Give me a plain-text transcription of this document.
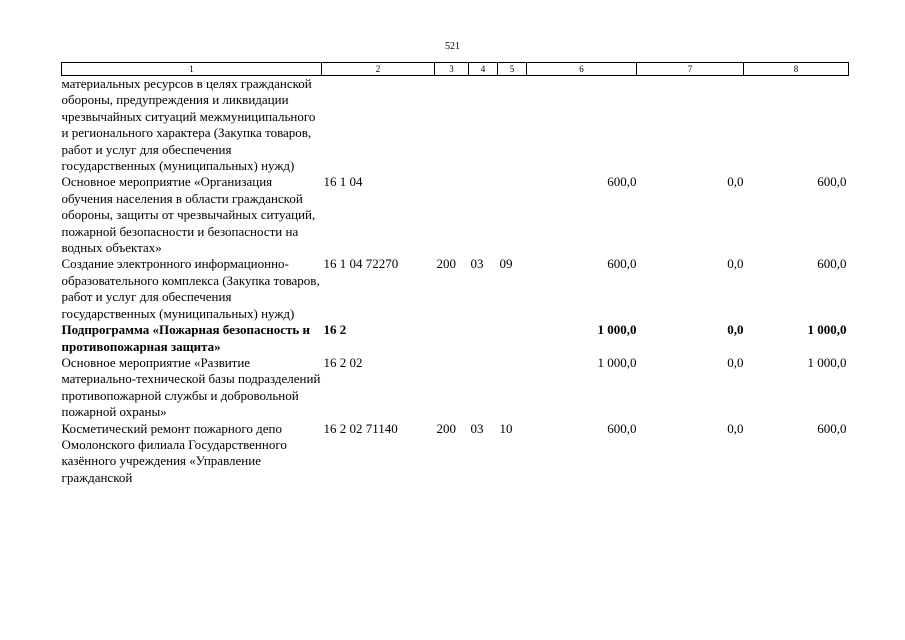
521
1	2	3	4	5	6	7	8
материальных ресурсов в целях гражданской обороны, предупреждения и ликвидации чрезвычайных ситуаций межмуниципального и регионального характера (Закупка товаров, работ и услуг для обеспечения государственных (муниципальных) нужд)							
Основное мероприятие «Организация обучения населения в области гражданской обороны, защиты от чрезвычайных ситуаций, пожарной безопасности и безопасности на водных объектах»	16 1 04				600,0	0,0	600,0
Создание электронного информационно-образовательного комплекса (Закупка товаров, работ и услуг для обеспечения государственных (муниципальных) нужд)	16 1 04 72270	200	03	09	600,0	0,0	600,0
Подпрограмма «Пожарная безопасность и противопожарная защита»	16 2				1 000,0	0,0	1 000,0
Основное мероприятие «Развитие материально-технической базы подразделений противопожарной службы и добровольной пожарной охраны»	16 2 02				1 000,0	0,0	1 000,0
Косметический ремонт пожарного депо Омолонского филиала Государственного казённого учреждения «Управление гражданской	16 2 02 71140	200	03	10	600,0	0,0	600,0
